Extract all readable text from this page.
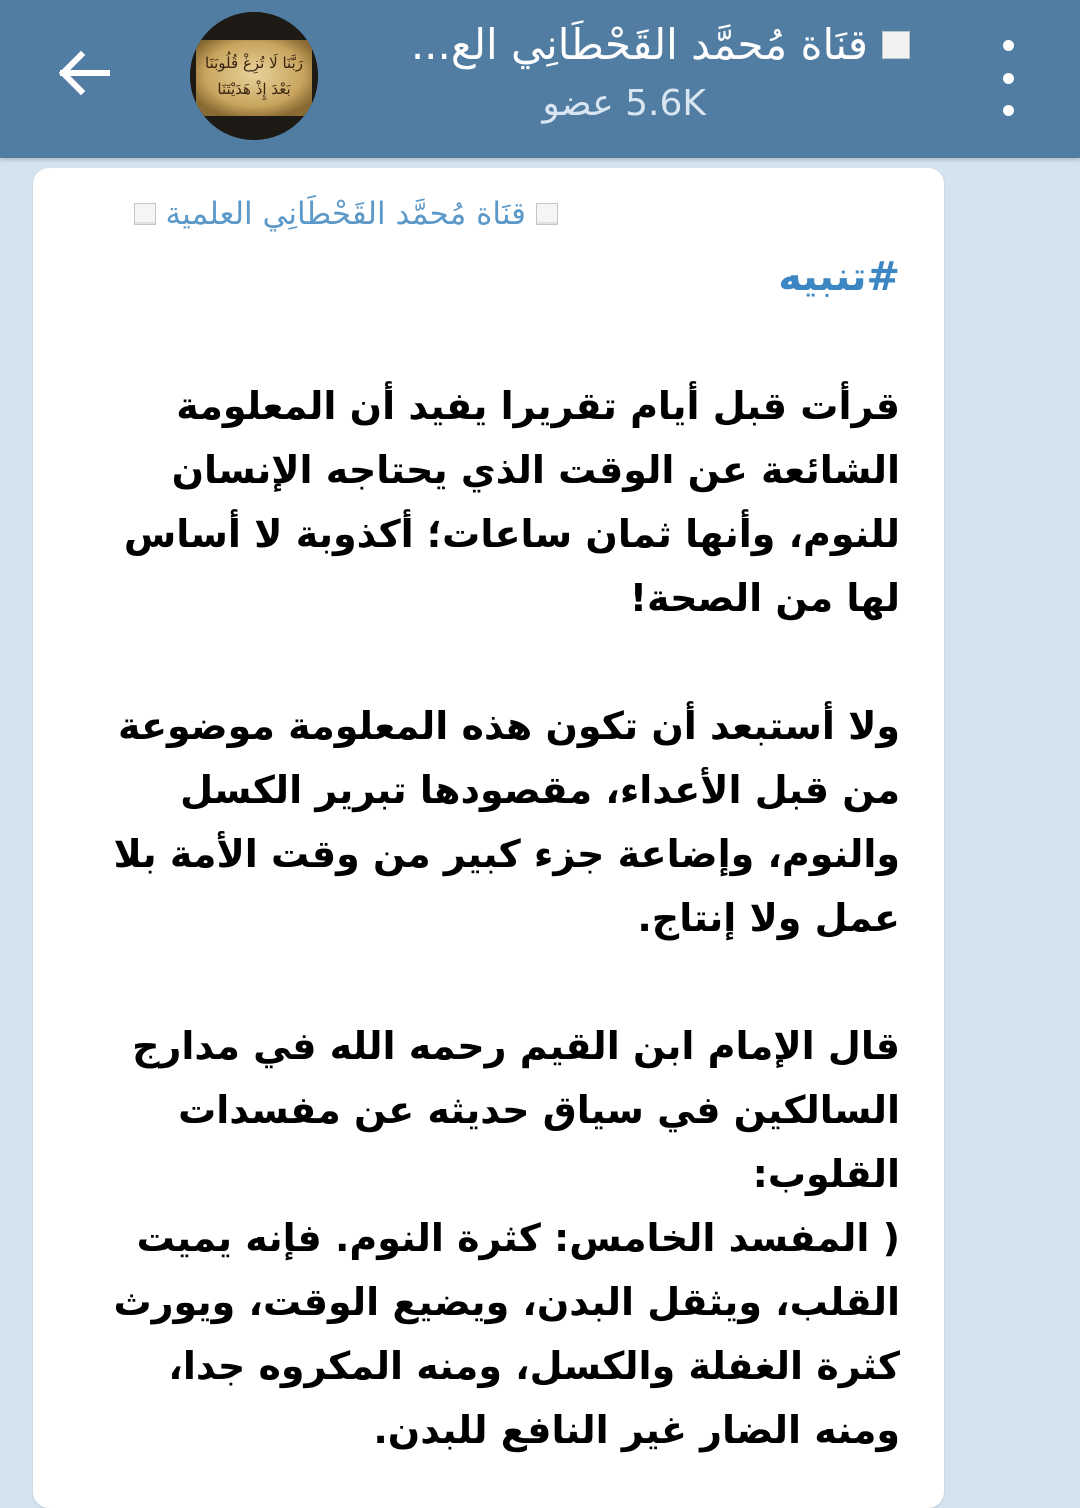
رَبَّنَا لَا تُزِغْ قُلُوبَنَا
بَعْدَ إِذْ هَدَيْتَنَا
قنَاة مُحمَّد القَحْطَانِي الع...
5.6K عضو
قنَاة مُحمَّد القَحْطَانِي العلمية
#تنبيه

قرأت قبل أيام تقريرا يفيد أن المعلومة الشائعة عن الوقت الذي يحتاجه الإنسان للنوم، وأنها ثمان ساعات؛ أكذوبة لا أساس لها من الصحة!

ولا أستبعد أن تكون هذه المعلومة موضوعة من قبل الأعداء، مقصودها تبرير الكسل والنوم، وإضاعة جزء كبير من وقت الأمة بلا عمل ولا إنتاج.

قال الإمام ابن القيم رحمه الله في مدارج السالكين في سياق حديثه عن مفسدات القلوب:

( المفسد الخامس: كثرة النوم. فإنه يميت القلب، ويثقل البدن، ويضيع الوقت، ويورث كثرة الغفلة والكسل، ومنه المكروه جدا، ومنه الضار غير النافع للبدن.
